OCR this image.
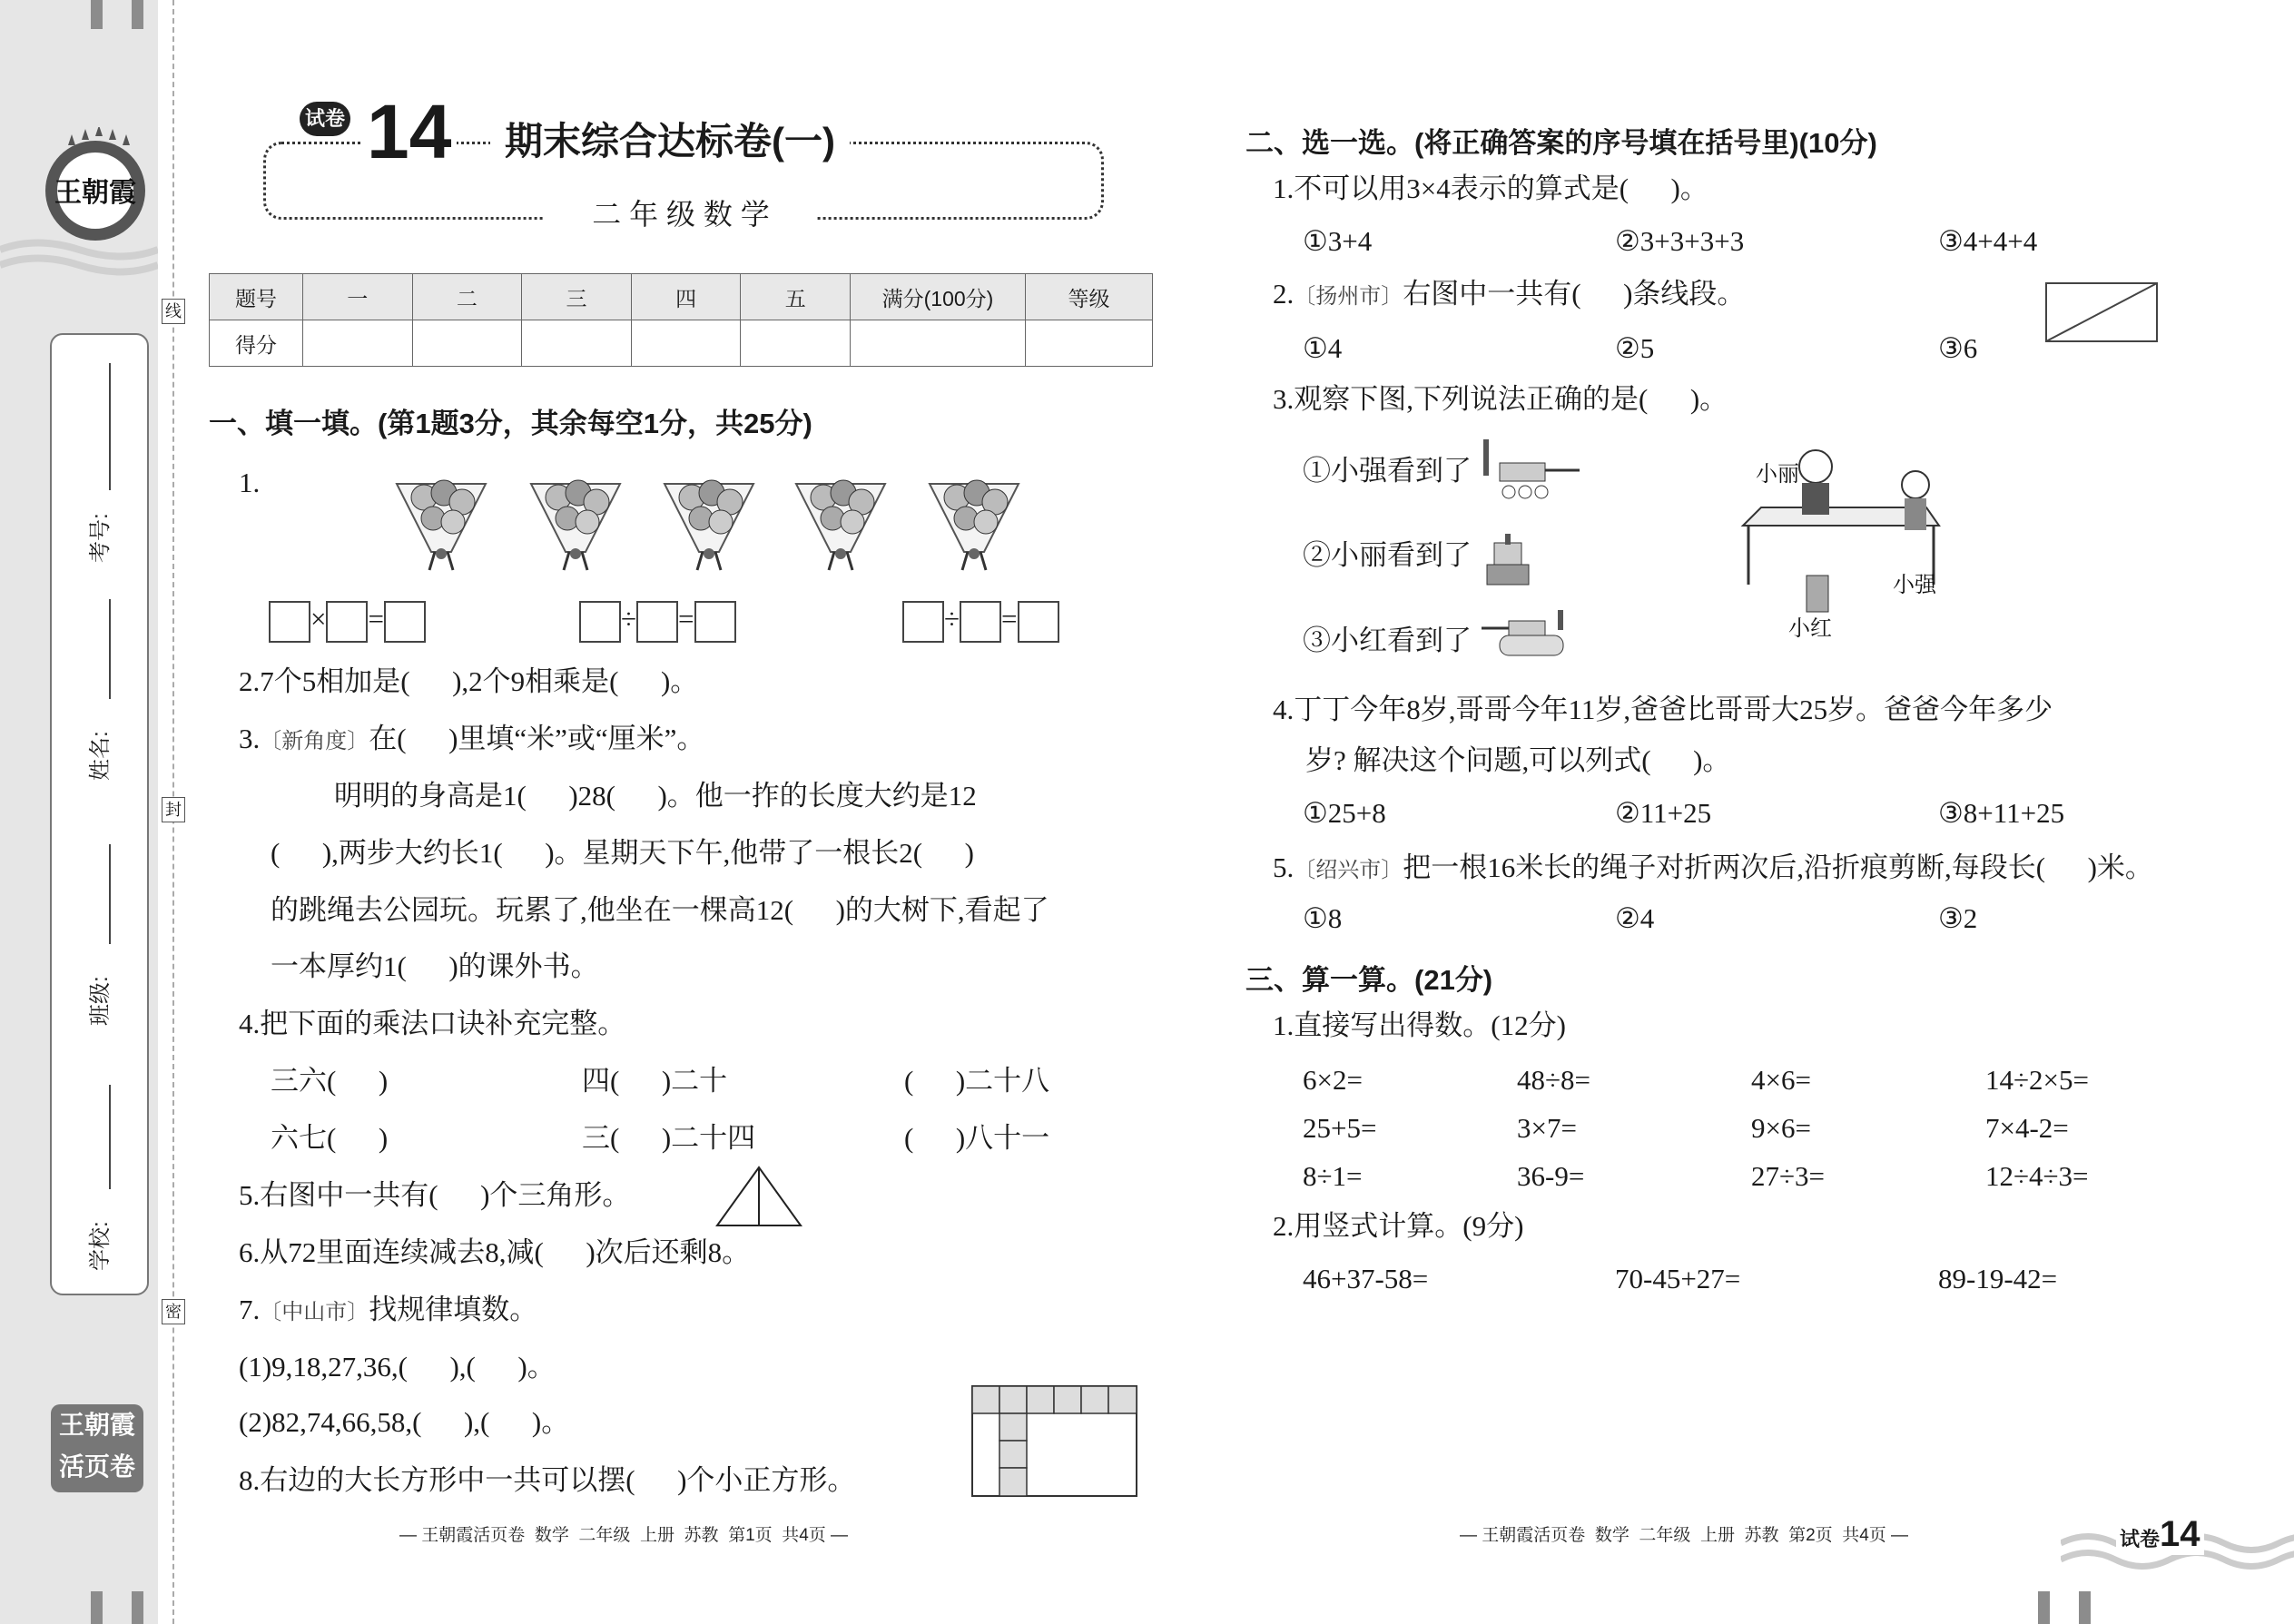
王朝霞
考号:
姓名:
班级:
学校:
王朝霞
活页卷
线
封
密
试卷 14	期末综合达标卷(一)
二 年 级 数 学
题号	一	二	三	四	五	满分(100分)	等级
得分							
一、填一填。(第1题3分，其余每空1分，共25分)
1.
× =	÷ =	÷ =
2.7个5相加是(      ),2个9相乘是(      )。
3.〔新角度〕在(      )里填“米”或“厘米”。
明明的身高是1(      )28(      )。他一拃的长度大约是12
(      ),两步大约长1(      )。星期天下午,他带了一根长2(      )
的跳绳去公园玩。玩累了,他坐在一棵高12(      )的大树下,看起了
一本厚约1(      )的课外书。
4.把下面的乘法口诀补充完整。
三六(      )	四(      )二十	(      )二十八
六七(      )	三(      )二十四	(      )八十一
5.右图中一共有(      )个三角形。
6.从72里面连续减去8,减(      )次后还剩8。
7.〔中山市〕找规律填数。
(1)9,18,27,36,(      ),(      )。
(2)82,74,66,58,(      ),(      )。
8.右边的大长方形中一共可以摆(      )个小正方形。
二、选一选。(将正确答案的序号填在括号里)(10分)
1.不可以用3×4表示的算式是(      )。
①3+4	②3+3+3+3	③4+4+4
2.〔扬州市〕右图中一共有(      )条线段。
①4	②5	③6
3.观察下图,下列说法正确的是(      )。
①小强看到了
②小丽看到了
③小红看到了
小丽
小强
小红
4.丁丁今年8岁,哥哥今年11岁,爸爸比哥哥大25岁。爸爸今年多少
岁? 解决这个问题,可以列式(      )。
①25+8	②11+25	③8+11+25
5.〔绍兴市〕把一根16米长的绳子对折两次后,沿折痕剪断,每段长(      )米。
①8	②4	③2
三、算一算。(21分)
1.直接写出得数。(12分)
6×2=	48÷8=	4×6=	14÷2×5=
25+5=	3×7=	9×6=	7×4-2=
8÷1=	36-9=	27÷3=	12÷4÷3=
2.用竖式计算。(9分)
46+37-58=	70-45+27=	89-19-42=
— 王朝霞活页卷  数学  二年级  上册  苏教  第1页  共4页 —	— 王朝霞活页卷  数学  二年级  上册  苏教  第2页  共4页 —	试卷14
